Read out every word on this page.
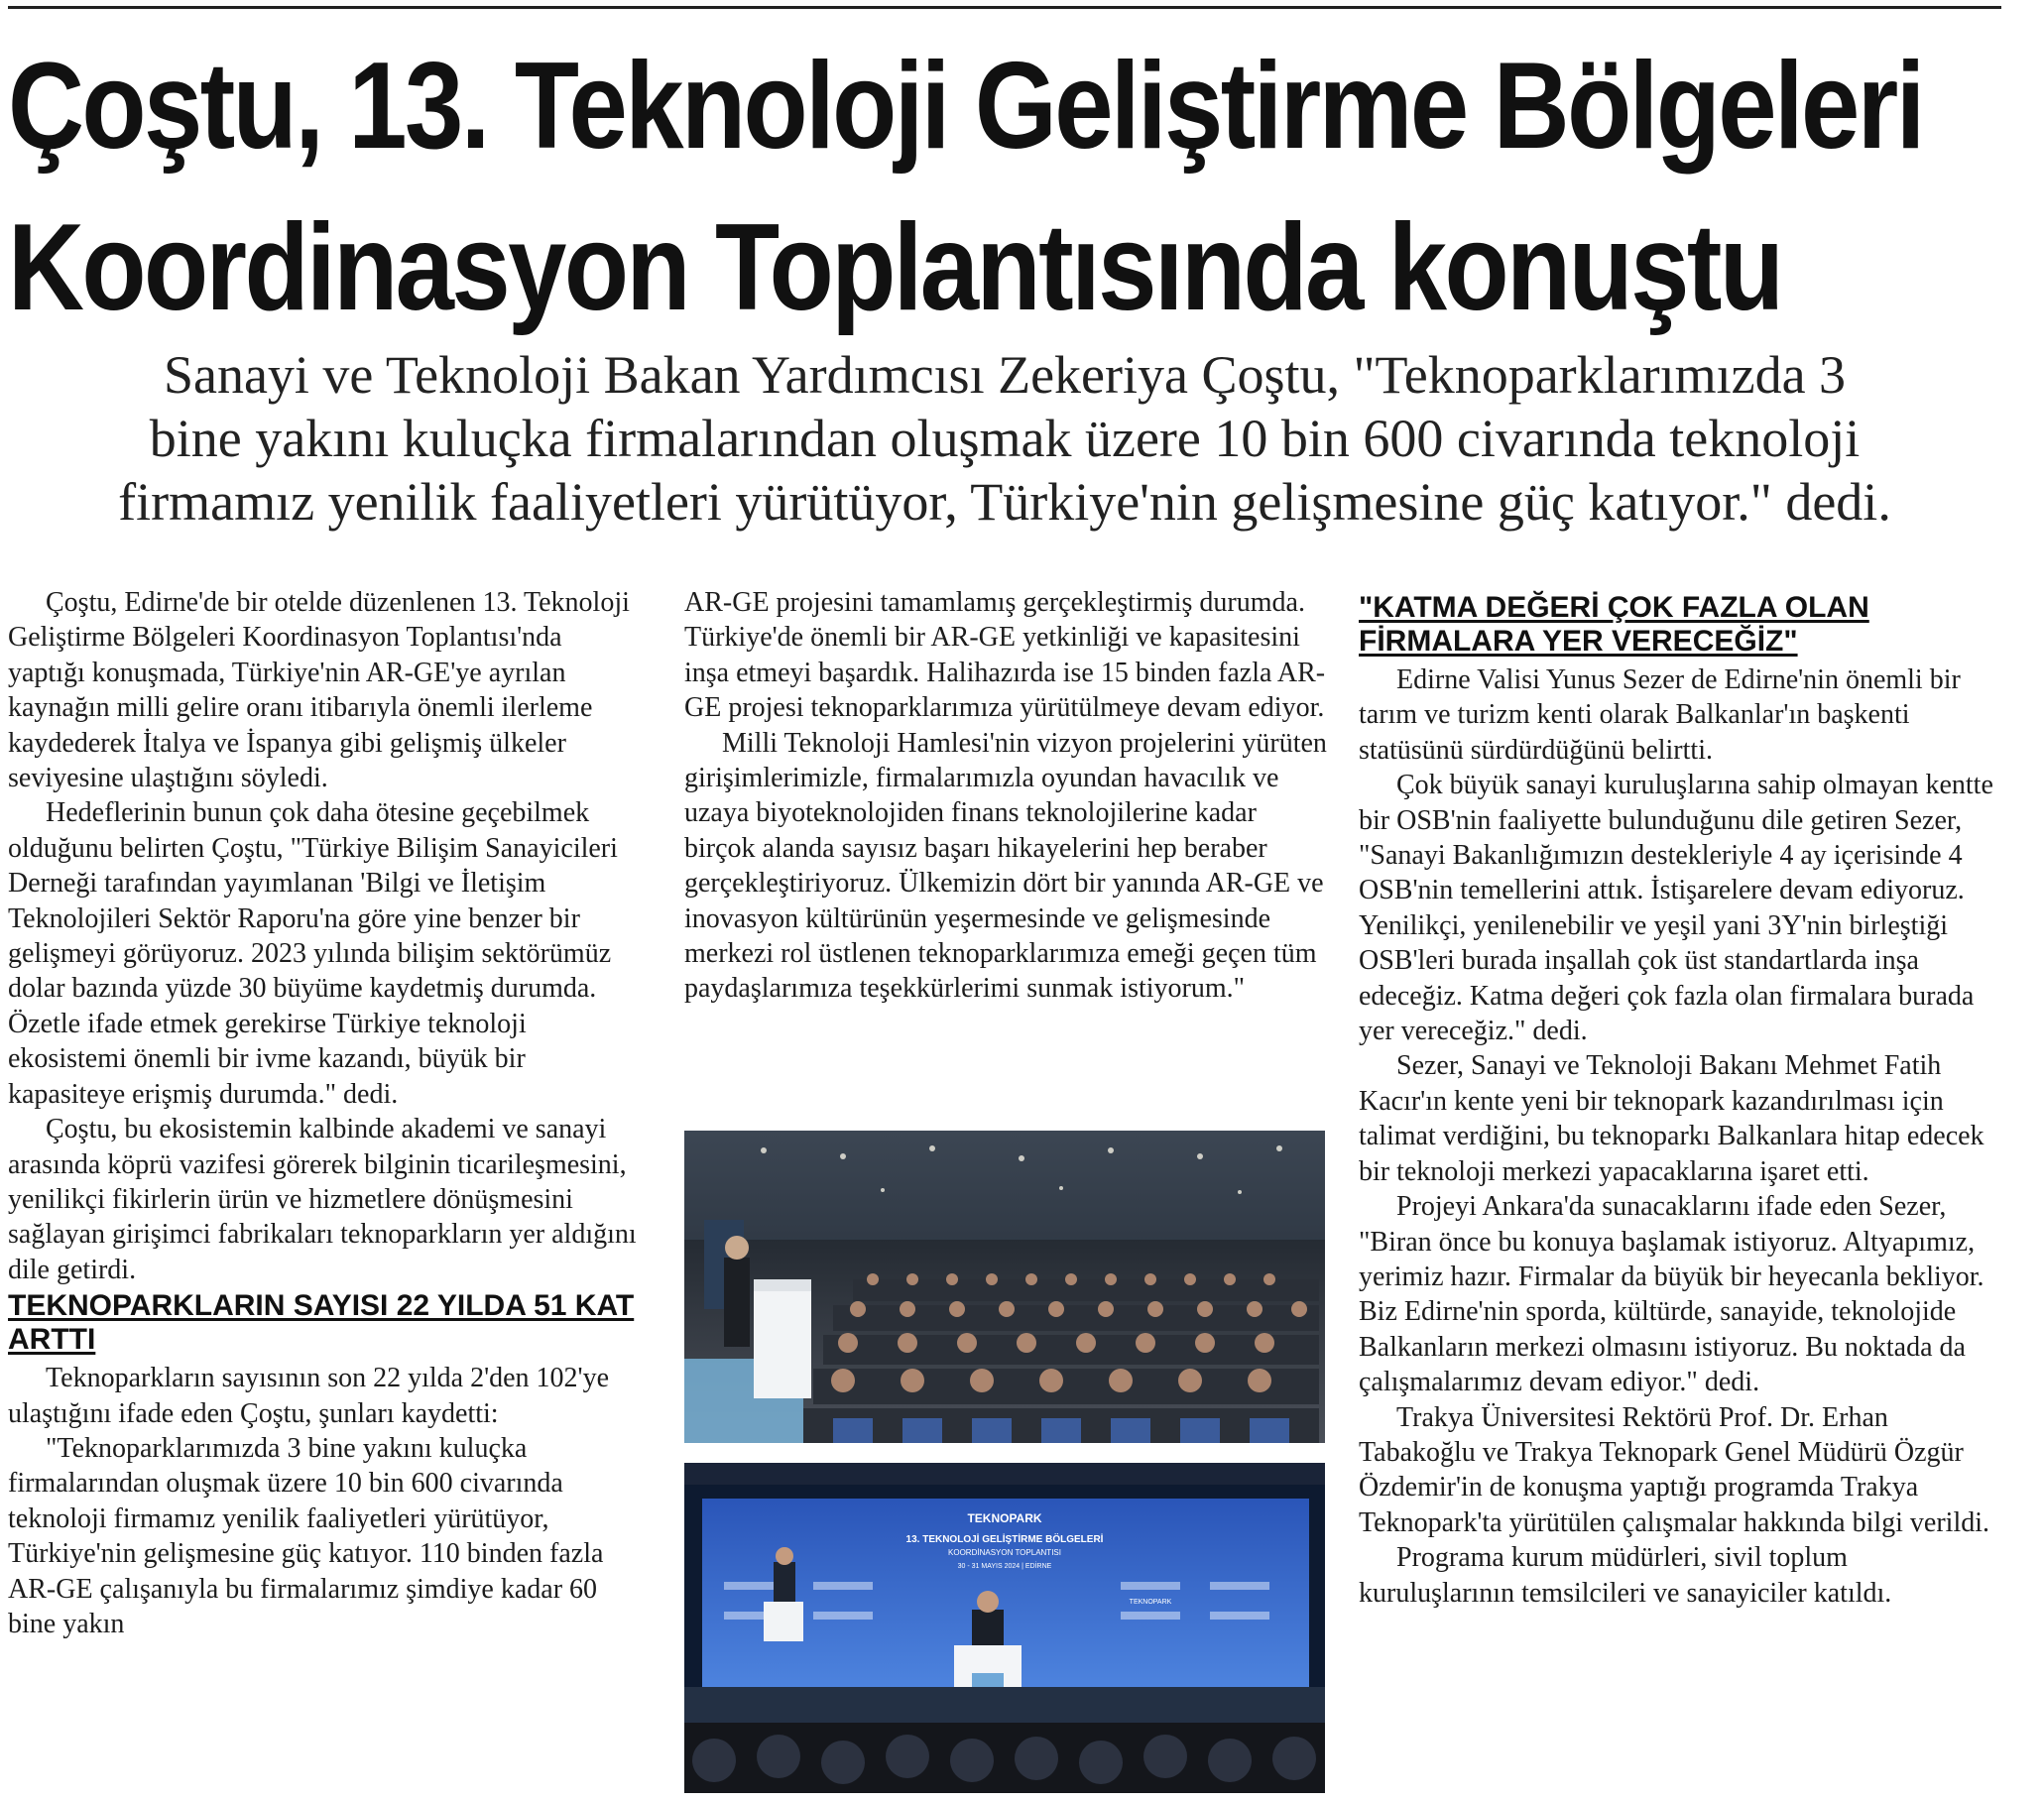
Çoştu, 13. Teknoloji Geliştirme Bölgeleri
Koordinasyon Toplantısında konuştu
Sanayi ve Teknoloji Bakan Yardımcısı Zekeriya Çoştu, "Teknoparklarımızda 3
bine yakını kuluçka firmalarından oluşmak üzere 10 bin 600 civarında teknoloji
firmamız yenilik faaliyetleri yürütüyor, Türkiye'nin gelişmesine güç katıyor." dedi.

Çoştu, Edirne'de bir otelde düzenlenen 13. Teknoloji Geliştirme Bölgeleri Koordinasyon Toplantısı'nda yaptığı konuşmada, Türkiye'nin AR-GE'ye ayrılan kaynağın milli gelire oranı itibarıyla önemli ilerleme kaydederek İtalya ve İspanya gibi gelişmiş ülkeler seviyesine ulaştığını söyledi.

Hedeflerinin bunun çok daha ötesine geçebilmek olduğunu belirten Çoştu, "Türkiye Bilişim Sanayicileri Derneği tarafından yayımlanan 'Bilgi ve İletişim Teknolojileri Sektör Raporu'na göre yine benzer bir gelişmeyi görüyoruz. 2023 yılında bilişim sektörümüz dolar bazında yüzde 30 büyüme kaydetmiş durumda. Özetle ifade etmek gerekirse Türkiye teknoloji ekosistemi önemli bir ivme kazandı, büyük bir kapasiteye erişmiş durumda." dedi.

Çoştu, bu ekosistemin kalbinde akademi ve sanayi arasında köprü vazifesi görerek bilginin ticarileşmesini, yenilikçi fikirlerin ürün ve hizmetlere dönüşmesini sağlayan girişimci fabrikaları teknoparkların yer aldığını dile getirdi.

TEKNOPARKLARIN SAYISI 22 YILDA 51 KAT ARTTI

Teknoparkların sayısının son 22 yılda 2'den 102'ye ulaştığını ifade eden Çoştu, şunları kaydetti:

"Teknoparklarımızda 3 bine yakını kuluçka firmalarından oluşmak üzere 10 bin 600 civarında teknoloji firmamız yenilik faaliyetleri yürütüyor, Türkiye'nin gelişmesine güç katıyor. 110 binden fazla AR-GE çalışanıyla bu firmalarımız şimdiye kadar 60 bine yakın

AR-GE projesini tamamlamış gerçekleştirmiş durumda. Türkiye'de önemli bir AR-GE yetkinliği ve kapasitesini inşa etmeyi başardık. Halihazırda ise 15 binden fazla AR-GE projesi teknoparklarımıza yürütülmeye devam ediyor.

Milli Teknoloji Hamlesi'nin vizyon projelerini yürüten girişimlerimizle, firmalarımızla oyundan havacılık ve uzaya biyoteknolojiden finans teknolojilerine kadar birçok alanda sayısız başarı hikayelerini hep beraber gerçekleştiriyoruz. Ülkemizin dört bir yanında AR-GE ve inovasyon kültürünün yeşermesinde ve gelişmesinde merkezi rol üstlenen teknoparklarımıza emeği geçen tüm paydaşlarımıza teşekkürlerimi sunmak istiyorum."

TEKNOPARK
13. TEKNOLOJİ GELİŞTİRME BÖLGELERİ
KOORDİNASYON TOPLANTISI
30 - 31 MAYIS 2024 | EDİRNE
TEKNOPARK
"KATMA DEĞERİ ÇOK FAZLA OLAN FİRMALARA YER VERECEĞİZ"

Edirne Valisi Yunus Sezer de Edirne'nin önemli bir tarım ve turizm kenti olarak Balkanlar'ın başkenti statüsünü sürdürdüğünü belirtti.

Çok büyük sanayi kuruluşlarına sahip olmayan kentte bir OSB'nin faaliyette bulunduğunu dile getiren Sezer, "Sanayi Bakanlığımızın destekleriyle 4 ay içerisinde 4 OSB'nin temellerini attık. İstişarelere devam ediyoruz. Yenilikçi, yenilenebilir ve yeşil yani 3Y'nin birleştiği OSB'leri burada inşallah çok üst standartlarda inşa edeceğiz. Katma değeri çok fazla olan firmalara burada yer vereceğiz." dedi.

Sezer, Sanayi ve Teknoloji Bakanı Mehmet Fatih Kacır'ın kente yeni bir teknopark kazandırılması için talimat verdiğini, bu teknoparkı Balkanlara hitap edecek bir teknoloji merkezi yapacaklarına işaret etti.

Projeyi Ankara'da sunacaklarını ifade eden Sezer, "Biran önce bu konuya başlamak istiyoruz. Altyapımız, yerimiz hazır. Firmalar da büyük bir heyecanla bekliyor. Biz Edirne'nin sporda, kültürde, sanayide, teknolojide Balkanların merkezi olmasını istiyoruz. Bu noktada da çalışmalarımız devam ediyor." dedi.

Trakya Üniversitesi Rektörü Prof. Dr. Erhan Tabakoğlu ve Trakya Teknopark Genel Müdürü Özgür Özdemir'in de konuşma yaptığı programda Trakya Teknopark'ta yürütülen çalışmalar hakkında bilgi verildi.

Programa kurum müdürleri, sivil toplum kuruluşlarının temsilcileri ve sanayiciler katıldı.
